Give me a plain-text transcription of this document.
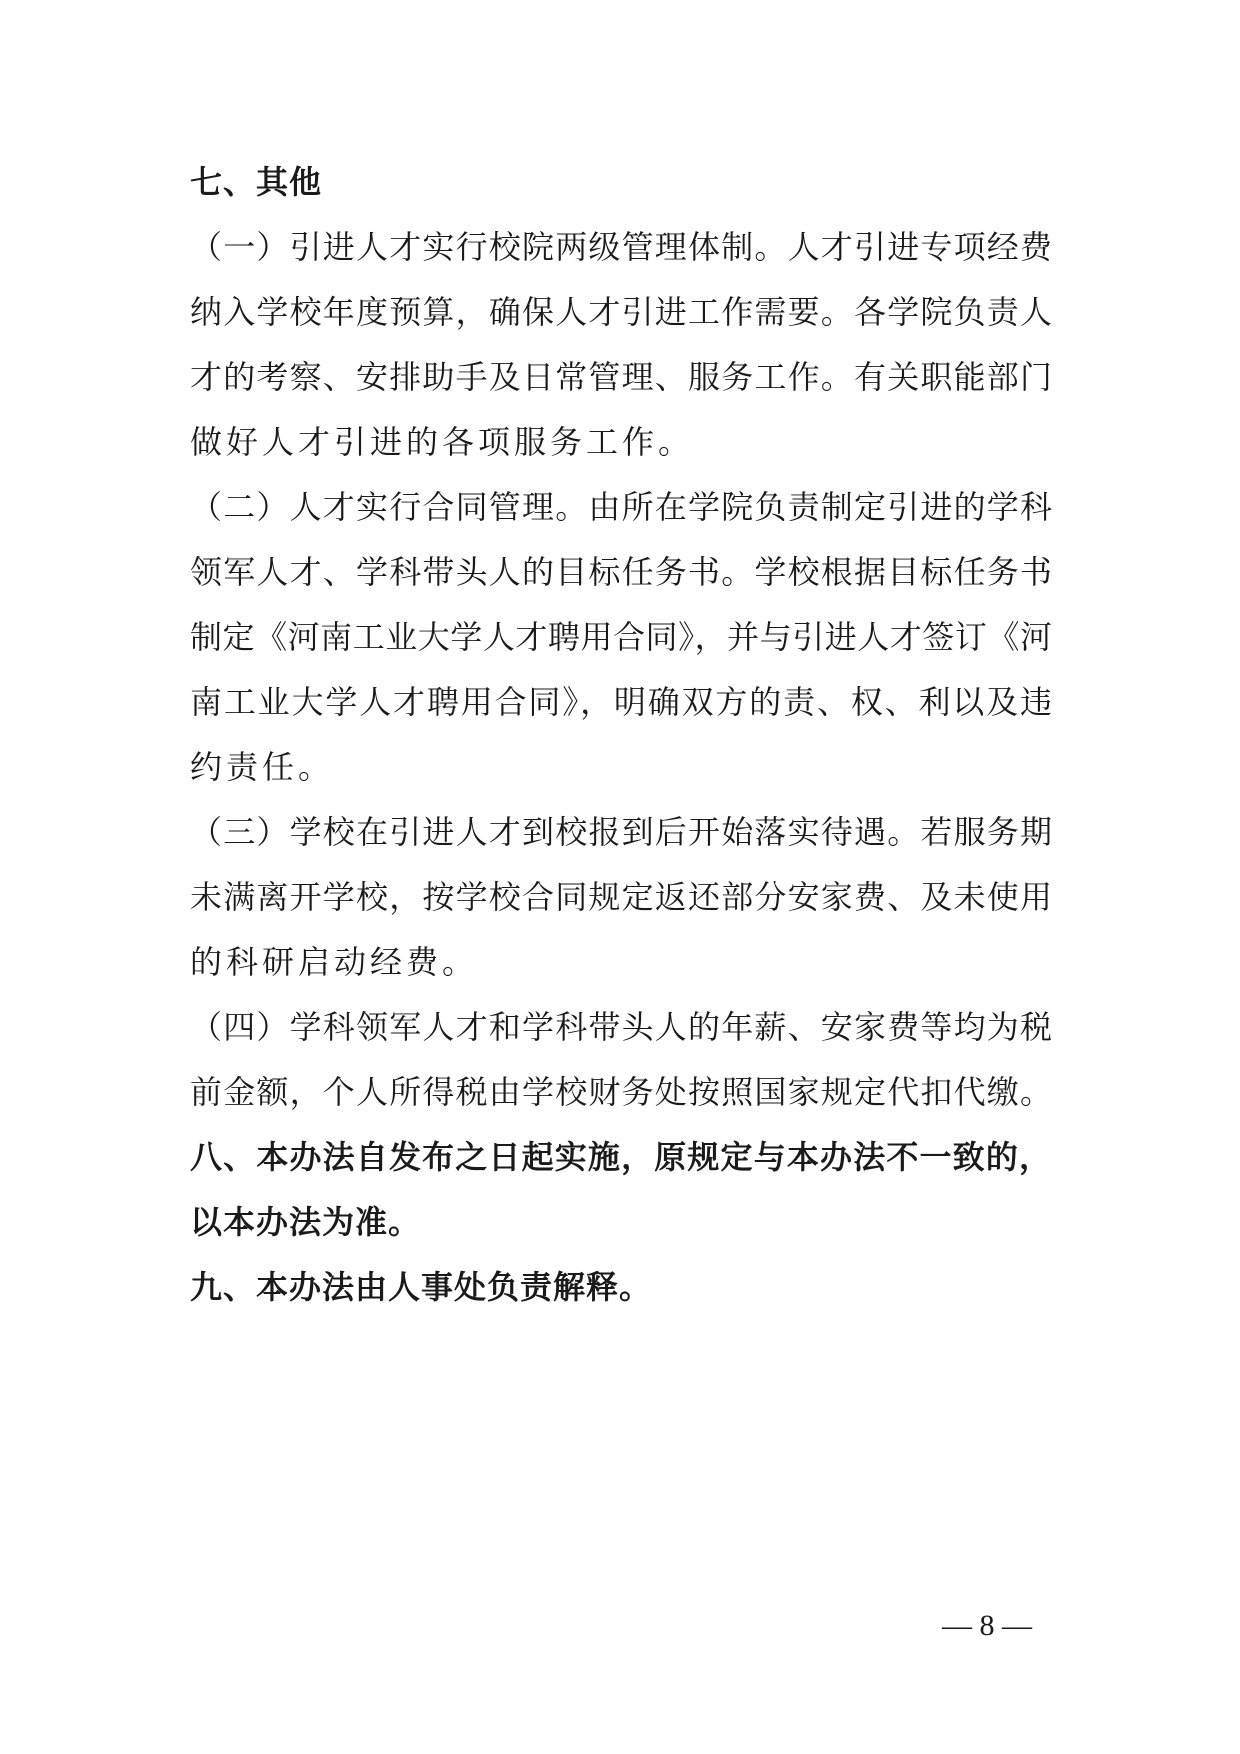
七、其他
（一）引进人才实行校院两级管理体制。人才引进专项经费
纳入学校年度预算，确保人才引进工作需要。各学院负责人
才的考察、安排助手及日常管理、服务工作。有关职能部门
做好人才引进的各项服务工作。
（二）人才实行合同管理。由所在学院负责制定引进的学科
领军人才、学科带头人的目标任务书。学校根据目标任务书
制定《河南工业大学人才聘用合同》，并与引进人才签订《河
南工业大学人才聘用合同》，明确双方的责、权、利以及违
约责任。
（三）学校在引进人才到校报到后开始落实待遇。若服务期
未满离开学校，按学校合同规定返还部分安家费、及未使用
的科研启动经费。
（四）学科领军人才和学科带头人的年薪、安家费等均为税
前金额，个人所得税由学校财务处按照国家规定代扣代缴。
八、本办法自发布之日起实施，原规定与本办法不一致的，
以本办法为准。
九、本办法由人事处负责解释。
— 8 —
